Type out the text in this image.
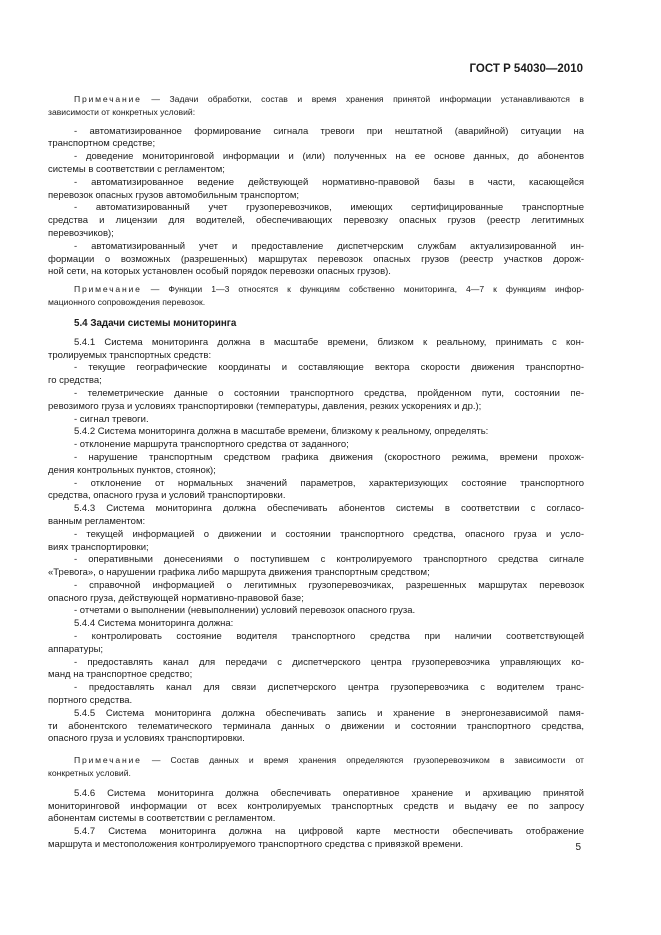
ГОСТ Р 54030—2010
Примечание — Задачи обработки, состав и время хранения принятой информации устанавливаются в
зависимости от конкретных условий:
- автоматизированное формирование сигнала тревоги при нештатной (аварийной) ситуации на
транспортном средстве;
- доведение мониторинговой информации и (или) полученных на ее основе данных, до абонентов
системы в соответствии с регламентом;
- автоматизированное ведение действующей нормативно-правовой базы в части, касающейся
перевозок опасных грузов автомобильным транспортом;
- автоматизированный учет грузоперевозчиков, имеющих сертифицированные транспортные
средства и лицензии для водителей, обеспечивающих перевозку опасных грузов (реестр легитимных
перевозчиков);
- автоматизированный учет и предоставление диспетчерским службам актуализированной ин-
формации о возможных (разрешенных) маршрутах перевозок опасных грузов (реестр участков дорож-
ной сети, на которых установлен особый порядок перевозки опасных грузов).
Примечание — Функции 1—3 относятся к функциям собственно мониторинга, 4—7 к функциям инфор-
мационного сопровождения перевозок.
5.4 Задачи системы мониторинга
5.4.1 Система мониторинга должна в масштабе времени, близком к реальному, принимать с кон-
тролируемых транспортных средств:
- текущие географические координаты и составляющие вектора скорости движения транспортно-
го средства;
- телеметрические данные о состоянии транспортного средства, пройденном пути, состоянии пе-
ревозимого груза и условиях транспортировки (температуры, давления, резких ускорениях и др.);
- сигнал тревоги.
5.4.2 Система мониторинга должна в масштабе времени, близкому к реальному, определять:
- отклонение маршрута транспортного средства от заданного;
- нарушение транспортным средством графика движения (скоростного режима, времени прохож-
дения контрольных пунктов, стоянок);
- отклонение от нормальных значений параметров, характеризующих состояние транспортного
средства, опасного груза и условий транспортировки.
5.4.3 Система мониторинга должна обеспечивать абонентов системы в соответствии с согласо-
ванным регламентом:
- текущей информацией о движении и состоянии транспортного средства, опасного груза и усло-
виях транспортировки;
- оперативными донесениями о поступившем с контролируемого транспортного средства сигнале
«Тревога», о нарушении графика либо маршрута движения транспортным средством;
- справочной информацией о легитимных грузоперевозчиках, разрешенных маршрутах перевозок
опасного груза, действующей нормативно-правовой базе;
- отчетами о выполнении (невыполнении) условий перевозок опасного груза.
5.4.4 Система мониторинга должна:
- контролировать состояние водителя транспортного средства при наличии соответствующей
аппаратуры;
- предоставлять канал для передачи с диспетчерского центра грузоперевозчика управляющих ко-
манд на транспортное средство;
- предоставлять канал для связи диспетчерского центра грузоперевозчика с водителем транс-
портного средства.
5.4.5 Система мониторинга должна обеспечивать запись и хранение в энергонезависимой памя-
ти абонентского телематического терминала данных о движении и состоянии транспортного средства,
опасного груза и условиях транспортировки.
Примечание — Состав данных и время хранения определяются грузоперевозчиком в зависимости от
конкретных условий.
5.4.6 Система мониторинга должна обеспечивать оперативное хранение и архивацию принятой
мониторинговой информации от всех контролируемых транспортных средств и выдачу ее по запросу
абонентам системы в соответствии с регламентом.
5.4.7 Система мониторинга должна на цифровой карте местности обеспечивать отображение
маршрута и местоположения контролируемого транспортного средства с привязкой времени.	5
